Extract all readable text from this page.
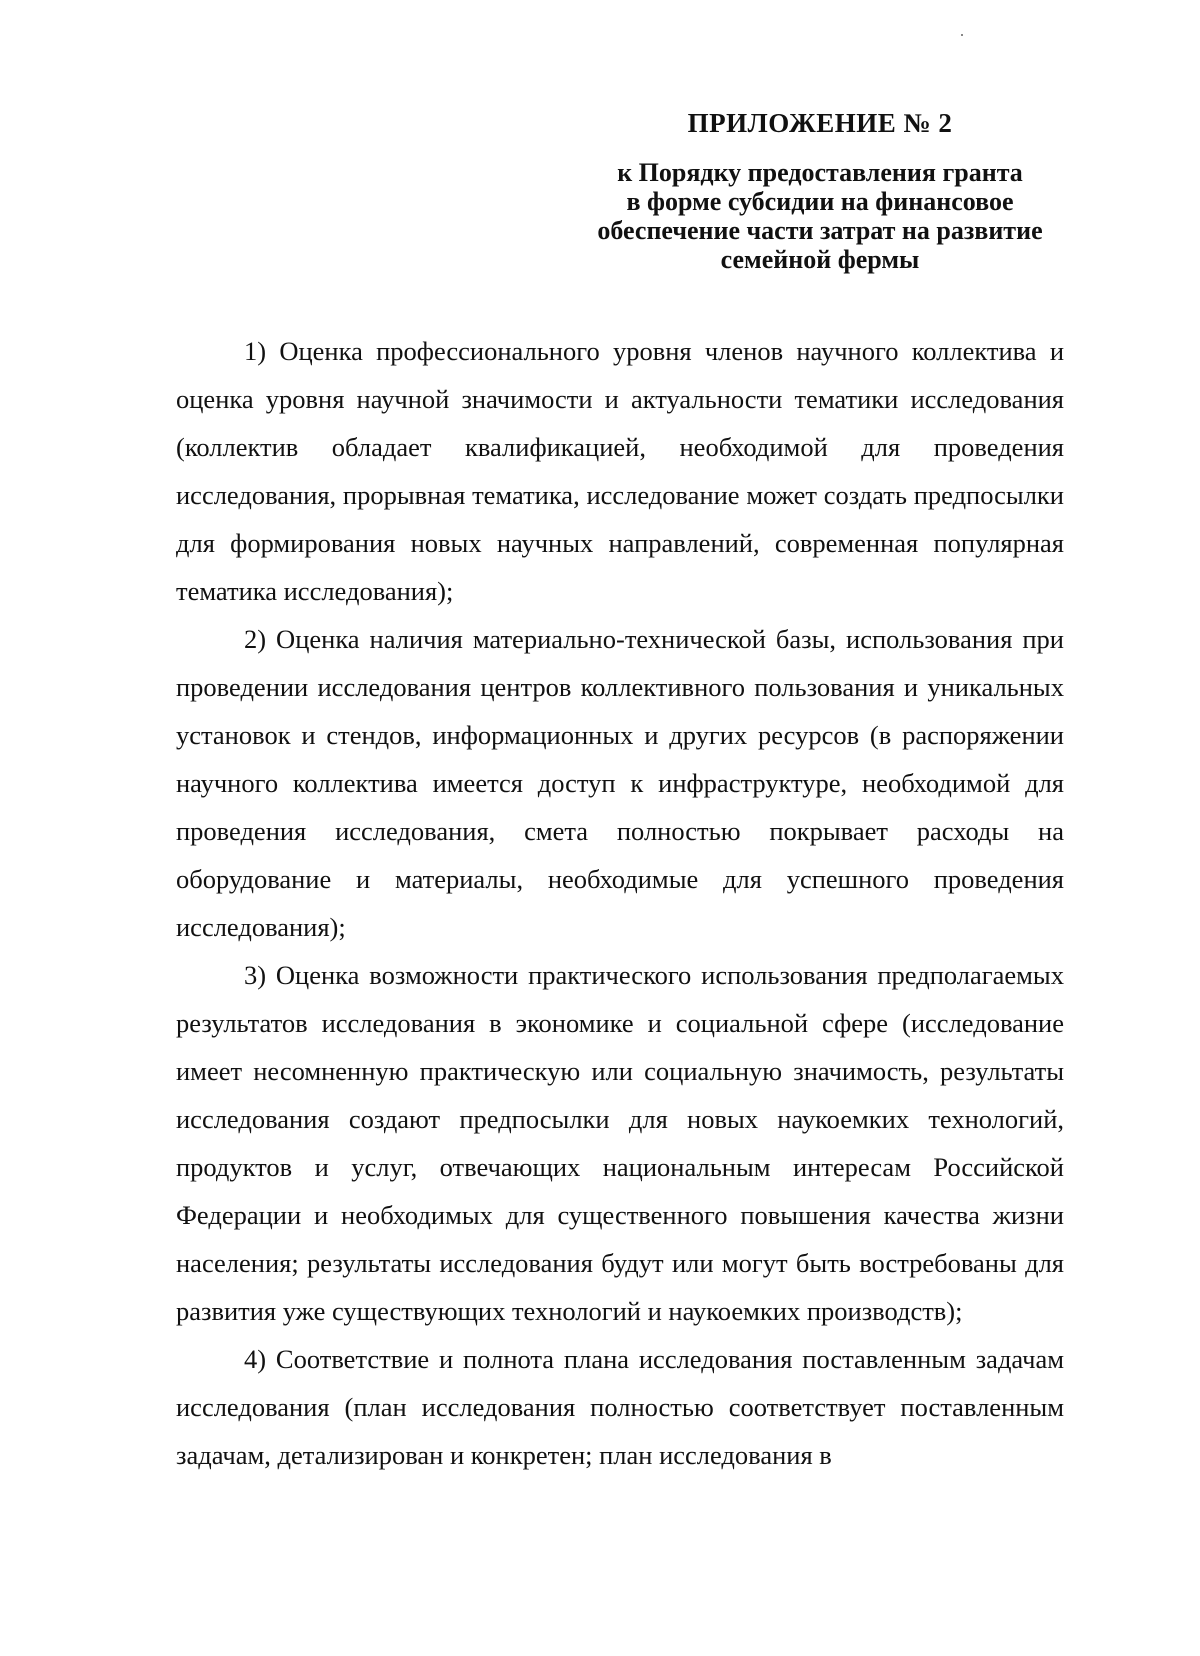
ПРИЛОЖЕНИЕ № 2

к Порядку предоставления гранта
в форме субсидии на финансовое
обеспечение части затрат на развитие
семейной фермы

1) Оценка профессионального уровня членов научного коллектива и оценка уровня научной значимости и актуальности тематики исследования (коллектив обладает квалификацией, необходимой для проведения исследования, прорывная тематика, исследование может создать предпосылки для формирования новых научных направлений, современная популярная тематика исследования);

2) Оценка наличия материально-технической базы, использования при проведении исследования центров коллективного пользования и уникальных установок и стендов, информационных и других ресурсов (в распоряжении научного коллектива имеется доступ к инфраструктуре, необходимой для проведения исследования, смета полностью покрывает расходы на оборудование и материалы, необходимые для успешного проведения исследования);

3) Оценка возможности практического использования предполагаемых результатов исследования в экономике и социальной сфере (исследование имеет несомненную практическую или социальную значимость, результаты исследования создают предпосылки для новых наукоемких технологий, продуктов и услуг, отвечающих национальным интересам Российской Федерации и необходимых для существенного повышения качества жизни населения; результаты исследования будут или могут быть востребованы для развития уже существующих технологий и наукоемких производств);

4) Соответствие и полнота плана исследования поставленным задачам исследования (план исследования полностью соответствует поставленным задачам, детализирован и конкретен; план исследования в
